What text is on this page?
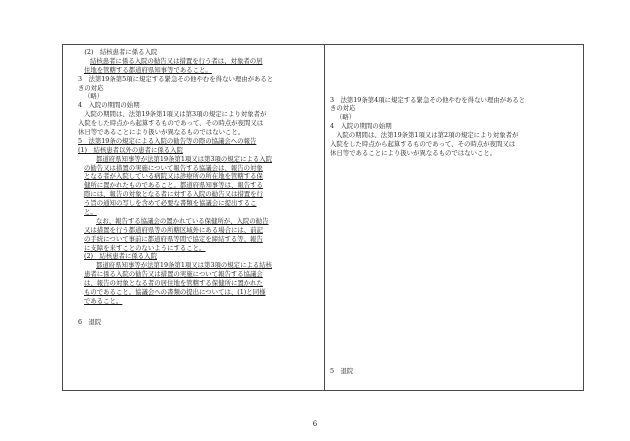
　(2)　結核患者に係る入院
結核患者に係る入院の勧告又は措置を行う者は、対象者の居
住地を管轄する都道府県知事等であること。
3　法第19条第5項に規定する緊急その他やむを得ない理由があると
きの対応
（略）
4　入院の期間の始期
入院の期間は、法第19条第1項又は第3項の規定により対象者が
入院をした時点から起算するものであって、その時点が夜間又は
休日等であることにより扱いが異なるものではないこと。
5　法第19条の規定による入院の勧告等の際の協議会への報告
(1)　結核患者以外の患者に係る入院
都道府県知事等が法第19条第1項又は第3項の規定による入院
の勧告又は措置の実施について報告する協議会は、報告の対象
となる者が入院している病院又は診療所の所在地を管轄する保
健所に置かれたものであること。都道府県知事等は、報告する
際には、報告の対象となる者に対する入院の勧告又は措置を行
う旨の通知の写しを含めて必要な書類を協議会に提出するこ
と。
なお、報告する協議会の置かれている保健所が、入院の勧告
又は措置を行う都道府県等の所轄区域外にある場合には、前記
の手続について事前に都道府県等間で協定を締結する等、報告
に支障を来すことのないようにすること。
(2)　結核患者に係る入院
都道府県知事等が法第19条第1項又は第3項の規定による結核
患者に係る入院の勧告又は措置の実施について報告する協議会
は、報告の対象となる者の居住地を管轄する保健所に置かれた
ものであること。協議会への書類の提出については、(1)と同様
であること。
6　退院
3　法第19条第4項に規定する緊急その他やむを得ない理由があると
きの対応
（略）
4　入院の期間の始期
入院の期間は、法第19条第1項又は第2項の規定により対象者が
入院をした時点から起算するものであって、その時点が夜間又は
休日等であることにより扱いが異なるものではないこと。
5　退院
6
